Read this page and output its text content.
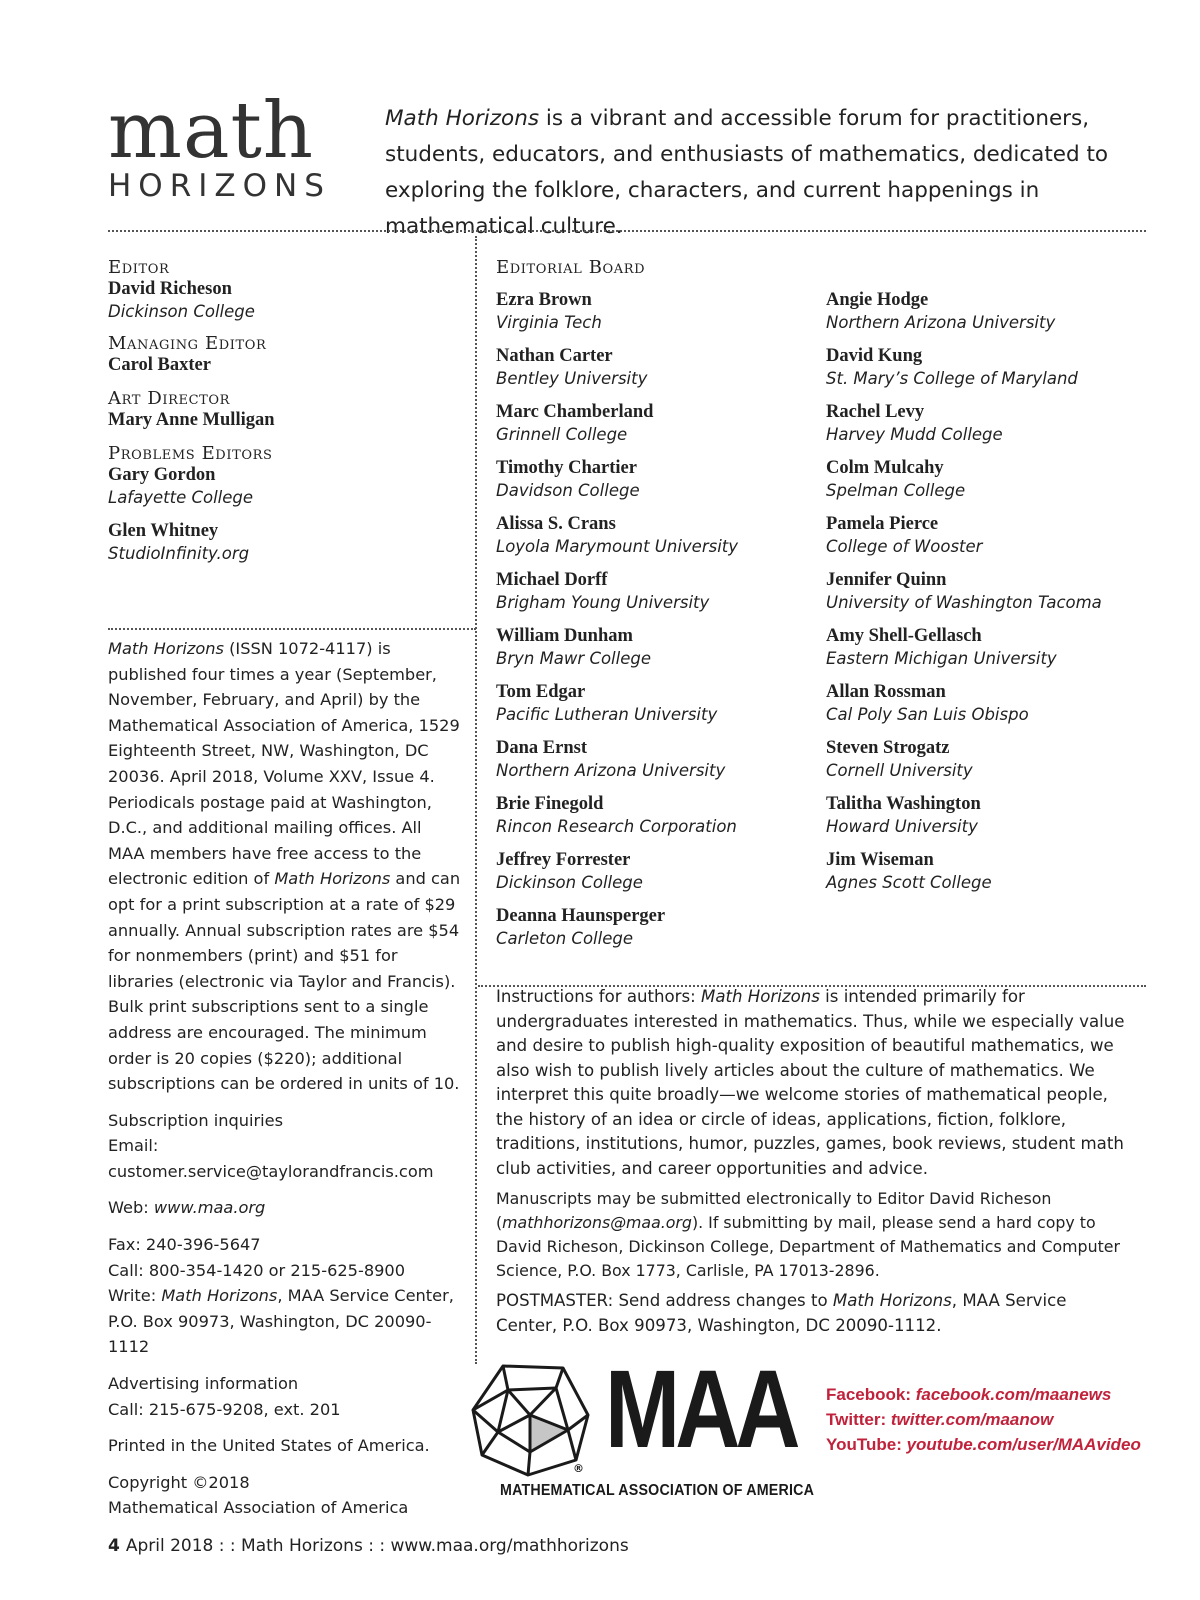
math
HORIZONS
Math Horizons is a vibrant and accessible forum for practitioners, students, educators, and enthusiasts of mathematics, dedicated to exploring the folklore, characters, and current happenings in mathematical culture.
Editor
David Richeson
Dickinson College
Managing Editor
Carol Baxter
Art Director
Mary Anne Mulligan
Problems Editors
Gary Gordon
Lafayette College
Glen Whitney
StudioInfinity.org
Editorial Board
Ezra Brown
Virginia Tech
Nathan Carter
Bentley University
Marc Chamberland
Grinnell College
Timothy Chartier
Davidson College
Alissa S. Crans
Loyola Marymount University
Michael Dorff
Brigham Young University
William Dunham
Bryn Mawr College
Tom Edgar
Pacific Lutheran University
Dana Ernst
Northern Arizona University
Brie Finegold
Rincon Research Corporation
Jeffrey Forrester
Dickinson College
Deanna Haunsperger
Carleton College
Angie Hodge
Northern Arizona University
David Kung
St. Mary’s College of Maryland
Rachel Levy
Harvey Mudd College
Colm Mulcahy
Spelman College
Pamela Pierce
College of Wooster
Jennifer Quinn
University of Washington Tacoma
Amy Shell-Gellasch
Eastern Michigan University
Allan Rossman
Cal Poly San Luis Obispo
Steven Strogatz
Cornell University
Talitha Washington
Howard University
Jim Wiseman
Agnes Scott College

Math Horizons (ISSN 1072-4117) is published four times a year (September, November, February, and April) by the Mathematical Association of America, 1529 Eighteenth Street, NW, Washington, DC 20036. April 2018, Volume XXV, Issue 4. Periodicals postage paid at Washington, D.C., and additional mailing offices. All MAA members have free access to the electronic edition of Math Horizons and can opt for a print subscription at a rate of $29 annually. Annual subscription rates are $54 for nonmembers (print) and $51 for libraries (electronic via Taylor and Francis). Bulk print subscriptions sent to a single address are encouraged. The minimum order is 20 copies ($220); additional subscriptions can be ordered in units of 10.

Subscription inquiries
Email: customer.service@taylorandfrancis.com

Web: www.maa.org

Fax: 240-396-5647
Call: 800-354-1420 or 215-625-8900
Write: Math Horizons, MAA Service Center, P.O. Box 90973, Washington, DC 20090-1112

Advertising information
Call: 215-675-9208, ext. 201

Printed in the United States of America.

Copyright ©2018
Mathematical Association of America

Instructions for authors: Math Horizons is intended primarily for undergraduates interested in mathematics. Thus, while we especially value and desire to publish high-quality exposition of beautiful mathematics, we also wish to publish lively articles about the culture of mathematics. We interpret this quite broadly—we welcome stories of mathematical people, the history of an idea or circle of ideas, applications, fiction, folklore, traditions, institutions, humor, puzzles, games, book reviews, student math club activities, and career opportunities and advice.

Manuscripts may be submitted electronically to Editor David Richeson (mathhorizons@maa.org). If submitting by mail, please send a hard copy to David Richeson, Dickinson College, Department of Mathematics and Computer Science, P.O. Box 1773, Carlisle, PA 17013-2896.

POSTMASTER: Send address changes to Math Horizons, MAA Service Center, P.O. Box 90973, Washington, DC 20090-1112.

® MAA
MATHEMATICAL ASSOCIATION OF AMERICA
Facebook: facebook.com/maanews
Twitter: twitter.com/maanow
YouTube: youtube.com/user/MAAvideo
4 April 2018 : : Math Horizons : : www.maa.org/mathhorizons
